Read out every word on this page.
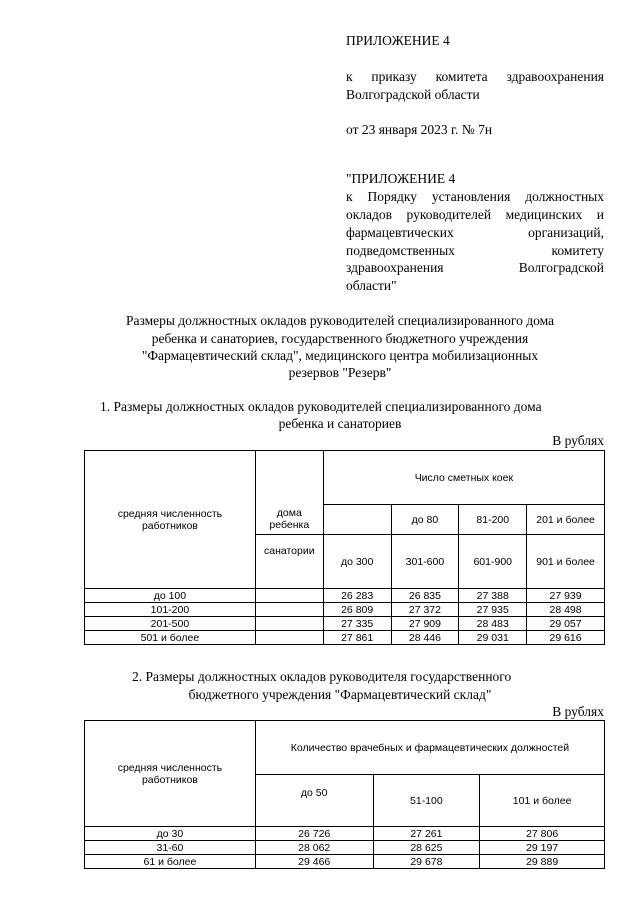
ПРИЛОЖЕНИЕ 4
к приказу комитета здравоохранения
Волгоградской области
от 23 января 2023 г. № 7н
"ПРИЛОЖЕНИЕ 4
к Порядку установления должностных
окладов руководителей медицинских и
фармацевтических организаций,
подведомственных комитету
здравоохранения Волгоградской
области"
Размеры должностных окладов руководителей специализированного дома
ребенка и санаториев, государственного бюджетного учреждения
"Фармацевтический склад", медицинского центра мобилизационных
резервов "Резерв"
1. Размеры должностных окладов руководителей специализированного дома
ребенка и санаториев
В рублях
средняя численность работников		Число сметных коек			
	дома ребенка		до 80	81-200	201 и более
	санатории	до 300	301-600	601-900	901 и более
до 100		26 283	26 835	27 388	27 939
101-200		26 809	27 372	27 935	28 498
201-500		27 335	27 909	28 483	29 057
501 и более		27 861	28 446	29 031	29 616
2. Размеры должностных окладов руководителя государственного
бюджетного учреждения "Фармацевтический склад"
В рублях
средняя численность работников	Количество врачебных и фармацевтических должностей		
	до 50	51-100	101 и более
до 30	26 726	27 261	27 806
31-60	28 062	28 625	29 197
61 и более	29 466	29 678	29 889
